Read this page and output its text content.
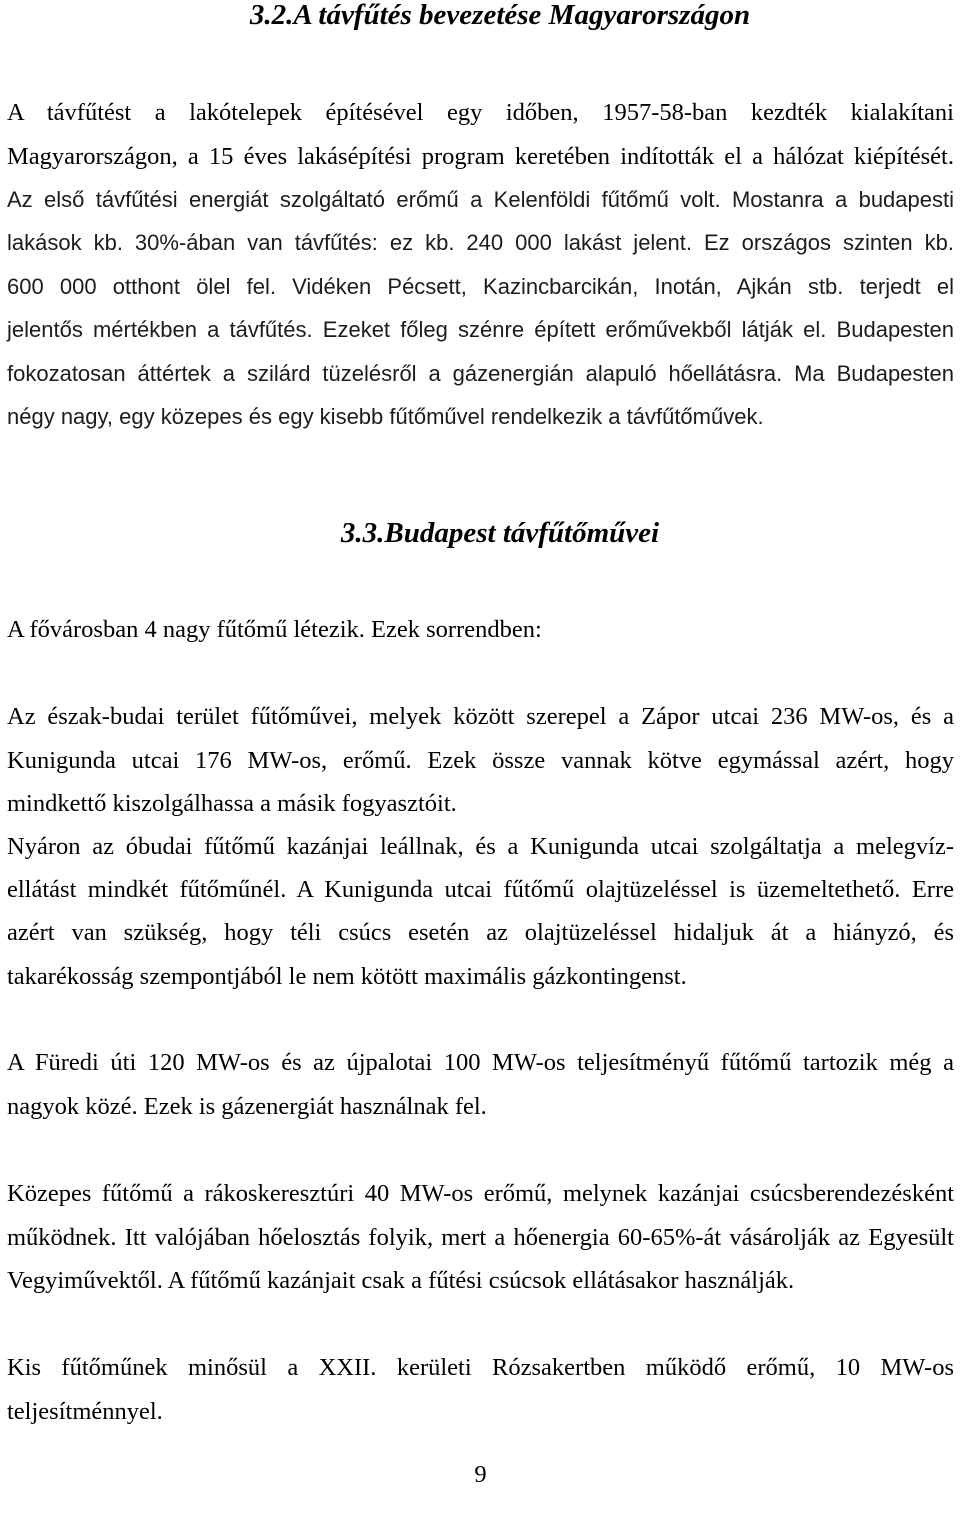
3.2.A távfűtés bevezetése Magyarországon
A távfűtést a lakótelepek építésével egy időben, 1957-58-ban kezdték kialakítani
Magyarországon, a 15 éves lakásépítési program keretében indították el a hálózat kiépítését.
Az első távfűtési energiát szolgáltató erőmű a Kelenföldi fűtőmű volt. Mostanra a budapesti
lakások kb. 30%-ában van távfűtés: ez kb. 240 000 lakást jelent. Ez országos szinten kb.
600 000 otthont ölel fel. Vidéken Pécsett, Kazincbarcikán, Inotán, Ajkán stb. terjedt el
jelentős mértékben a távfűtés. Ezeket főleg szénre épített erőművekből látják el. Budapesten
fokozatosan áttértek a szilárd tüzelésről a gázenergián alapuló hőellátásra. Ma Budapesten
négy nagy, egy közepes és egy kisebb fűtőművel rendelkezik a távfűtőművek.
3.3.Budapest távfűtőművei
A fővárosban 4 nagy fűtőmű létezik. Ezek sorrendben:
Az észak-budai terület fűtőművei, melyek között szerepel a Zápor utcai 236 MW-os, és a
Kunigunda utcai 176 MW-os, erőmű. Ezek össze vannak kötve egymással azért, hogy
mindkettő kiszolgálhassa a másik fogyasztóit.
Nyáron az óbudai fűtőmű kazánjai leállnak, és a Kunigunda utcai szolgáltatja a melegvíz-
ellátást mindkét fűtőműnél. A Kunigunda utcai fűtőmű olajtüzeléssel is üzemeltethető. Erre
azért van szükség, hogy téli csúcs esetén az olajtüzeléssel hidaljuk át a hiányzó, és
takarékosság szempontjából le nem kötött maximális gázkontingenst.
A Füredi úti 120 MW-os és az újpalotai 100 MW-os teljesítményű fűtőmű tartozik még a
nagyok közé. Ezek is gázenergiát használnak fel.
Közepes fűtőmű a rákoskeresztúri 40 MW-os erőmű, melynek kazánjai csúcsberendezésként
működnek. Itt valójában hőelosztás folyik, mert a hőenergia 60-65%-át vásárolják az Egyesült
Vegyiművektől. A fűtőmű kazánjait csak a fűtési csúcsok ellátásakor használják.
Kis fűtőműnek minősül a XXII. kerületi Rózsakertben működő erőmű, 10 MW-os
teljesítménnyel.
9
